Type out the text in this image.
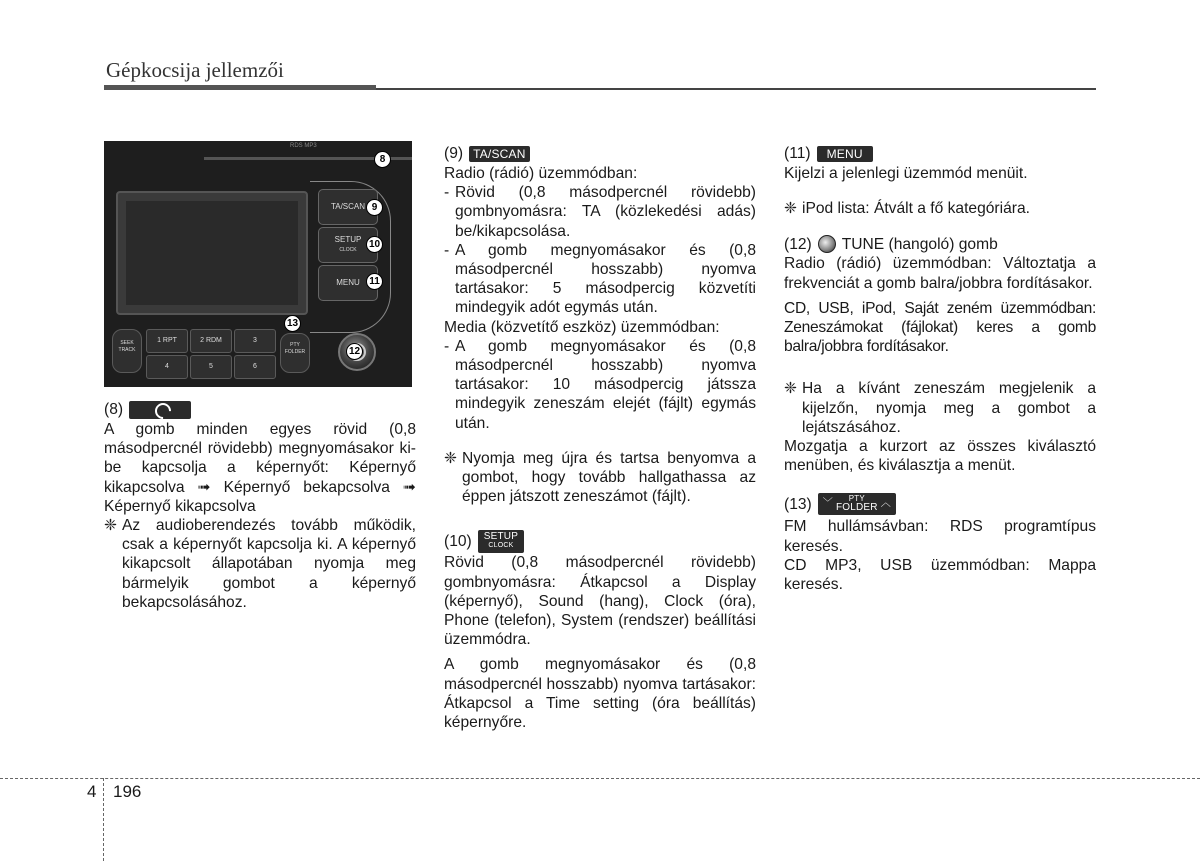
Gépkocsija jellemzői
RDS MP3
TA/SCAN
SETUP
CLOCK
MENU
SEEK TRACK
1 RPT	2 RDM	3
4	5	6
PTY FOLDER
8
9
10
11
12
13
(8)

A gomb minden egyes rövid (0,8 másodpercnél rövidebb) megnyomásakor ki-be kapcsolja a képernyőt: Képernyő kikapcsolva ➟ Képernyő bekapcsolva ➟ Képernyő kikapcsolva

❈ Az audioberendezés tovább működik, csak a képernyőt kapcsolja ki. A képernyő kikapcsolt állapotában nyomja meg bármelyik gombot a képernyő bekapcsolásához.
(9) TA/SCAN

Radio (rádió) üzemmódban:

- Rövid (0,8 másodpercnél rövidebb) gombnyomásra: TA (közlekedési adás) be/kikapcsolása.
- A gomb megnyomásakor és (0,8 másodpercnél hosszabb) nyomva tartásakor: 5 másodpercig közvetíti mindegyik adót egymás után.

Media (közvetítő eszköz) üzemmódban:

- A gomb megnyomásakor és (0,8 másodpercnél hosszabb) nyomva tartásakor: 10 másodpercig játssza mindegyik zeneszám elejét (fájlt) egymás után.
❈ Nyomja meg újra és tartsa benyomva a gombot, hogy tovább hallgathassa az éppen játszott zeneszámot (fájlt).
(10)	SETUP
CLOCK

Rövid (0,8 másodpercnél rövidebb) gombnyomásra: Átkapcsol a Display (képernyő), Sound (hang), Clock (óra), Phone (telefon), System (rendszer) beállítási üzemmódra.

A gomb megnyomásakor és (0,8 másodpercnél hosszabb) nyomva tartásakor: Átkapcsol a Time setting (óra beállítás) képernyőre.

(11)	MENU

Kijelzi a jelenlegi üzemmód menüit.

❈ iPod lista: Átvált a fő kategóriára.
(12) TUNE (hangoló) gomb

Radio (rádió) üzemmódban: Változtatja a frekvenciát a gomb balra/jobbra fordításakor.

CD, USB, iPod, Saját zeném üzemmódban: Zeneszámokat (fájlokat) keres a gomb balra/jobbra fordításakor.

❈ Ha a kívánt zeneszám megjelenik a kijelzőn, nyomja meg a gombot a lejátszásához.

Mozgatja a kurzort az összes kiválasztó menüben, és kiválasztja a menüt.

(13) ﹀	PTY
FOLDER ︿

FM hullámsávban: RDS programtípus keresés.

CD MP3, USB üzemmódban: Mappa keresés.

4 196
